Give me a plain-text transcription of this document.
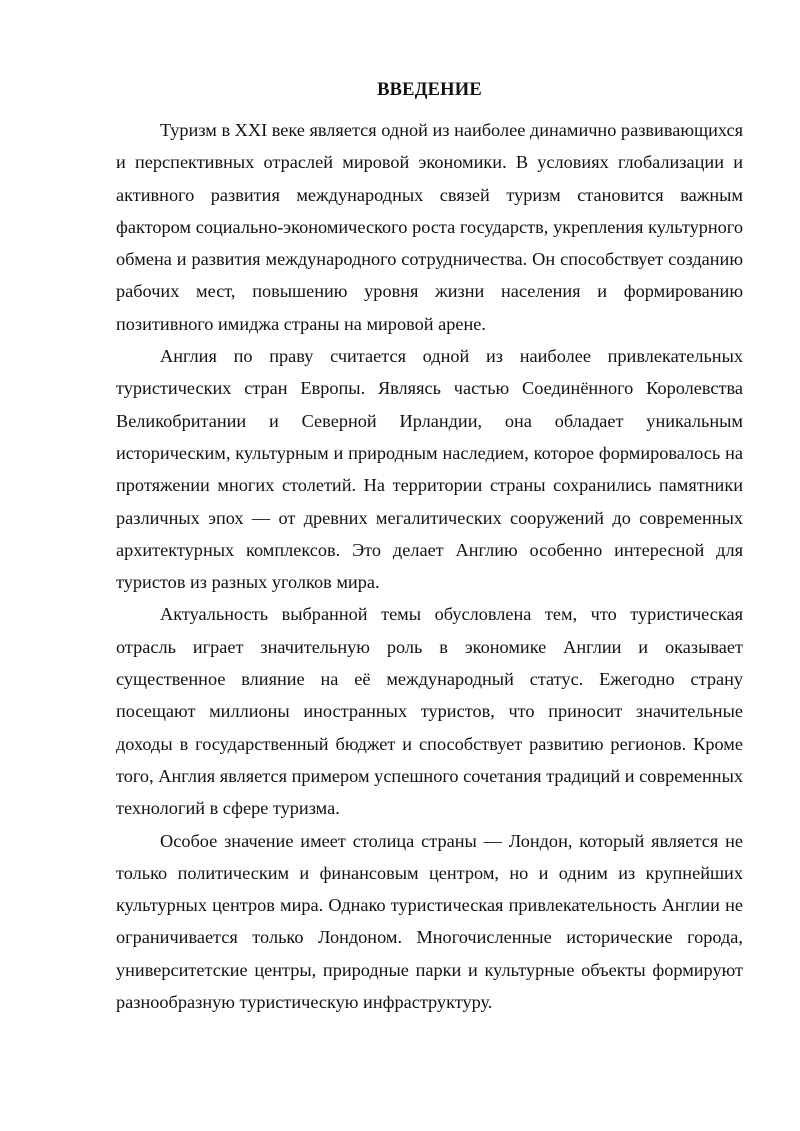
ВВЕДЕНИЕ

Туризм в XXI веке является одной из наиболее динамично развивающихся и перспективных отраслей мировой экономики. В условиях глобализации и активного развития международных связей туризм становится важным фактором социально-экономического роста государств, укрепления культурного обмена и развития международного сотрудничества. Он способствует созданию рабочих мест, повышению уровня жизни населения и формированию позитивного имиджа страны на мировой арене.

Англия по праву считается одной из наиболее привлекательных туристических стран Европы. Являясь частью Соединённого Королевства Великобритании и Северной Ирландии, она обладает уникальным историческим, культурным и природным наследием, которое формировалось на протяжении многих столетий. На территории страны сохранились памятники различных эпох — от древних мегалитических сооружений до современных архитектурных комплексов. Это делает Англию особенно интересной для туристов из разных уголков мира.

Актуальность выбранной темы обусловлена тем, что туристическая отрасль играет значительную роль в экономике Англии и оказывает существенное влияние на её международный статус. Ежегодно страну посещают миллионы иностранных туристов, что приносит значительные доходы в государственный бюджет и способствует развитию регионов. Кроме того, Англия является примером успешного сочетания традиций и современных технологий в сфере туризма.

Особое значение имеет столица страны — Лондон, который является не только политическим и финансовым центром, но и одним из крупнейших культурных центров мира. Однако туристическая привлекательность Англии не ограничивается только Лондоном. Многочисленные исторические города, университетские центры, природные парки и культурные объекты формируют разнообразную туристическую инфраструктуру.
